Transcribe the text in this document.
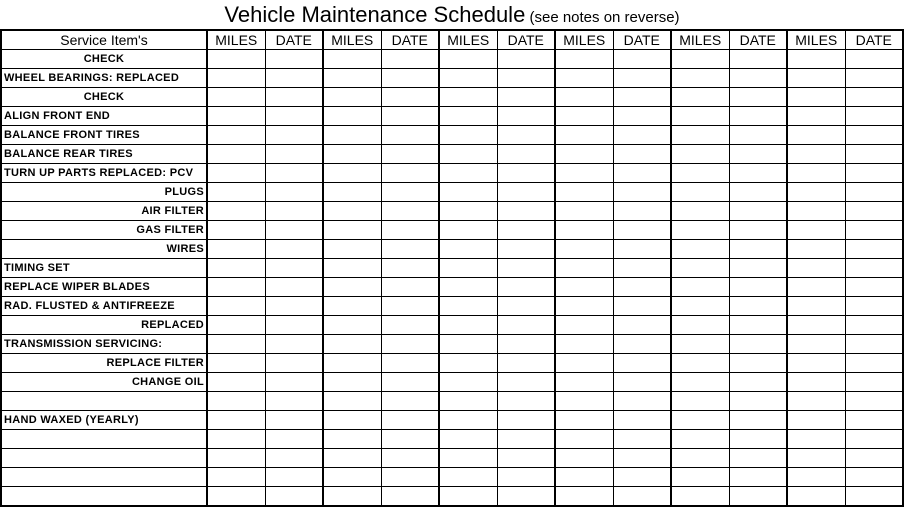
Vehicle Maintenance Schedule (see notes on reverse)
Service Item's	MILES	DATE	MILES	DATE	MILES	DATE	MILES	DATE	MILES	DATE	MILES	DATE
CHECK												
WHEEL BEARINGS: REPLACED												
CHECK												
ALIGN FRONT END												
BALANCE FRONT TIRES												
BALANCE REAR TIRES												
TURN UP PARTS REPLACED: PCV												
PLUGS												
AIR FILTER												
GAS FILTER												
WIRES												
TIMING SET												
REPLACE WIPER BLADES												
RAD. FLUSTED & ANTIFREEZE												
REPLACED												
TRANSMISSION SERVICING:												
REPLACE FILTER												
CHANGE OIL												

HAND WAXED (YEARLY)												
